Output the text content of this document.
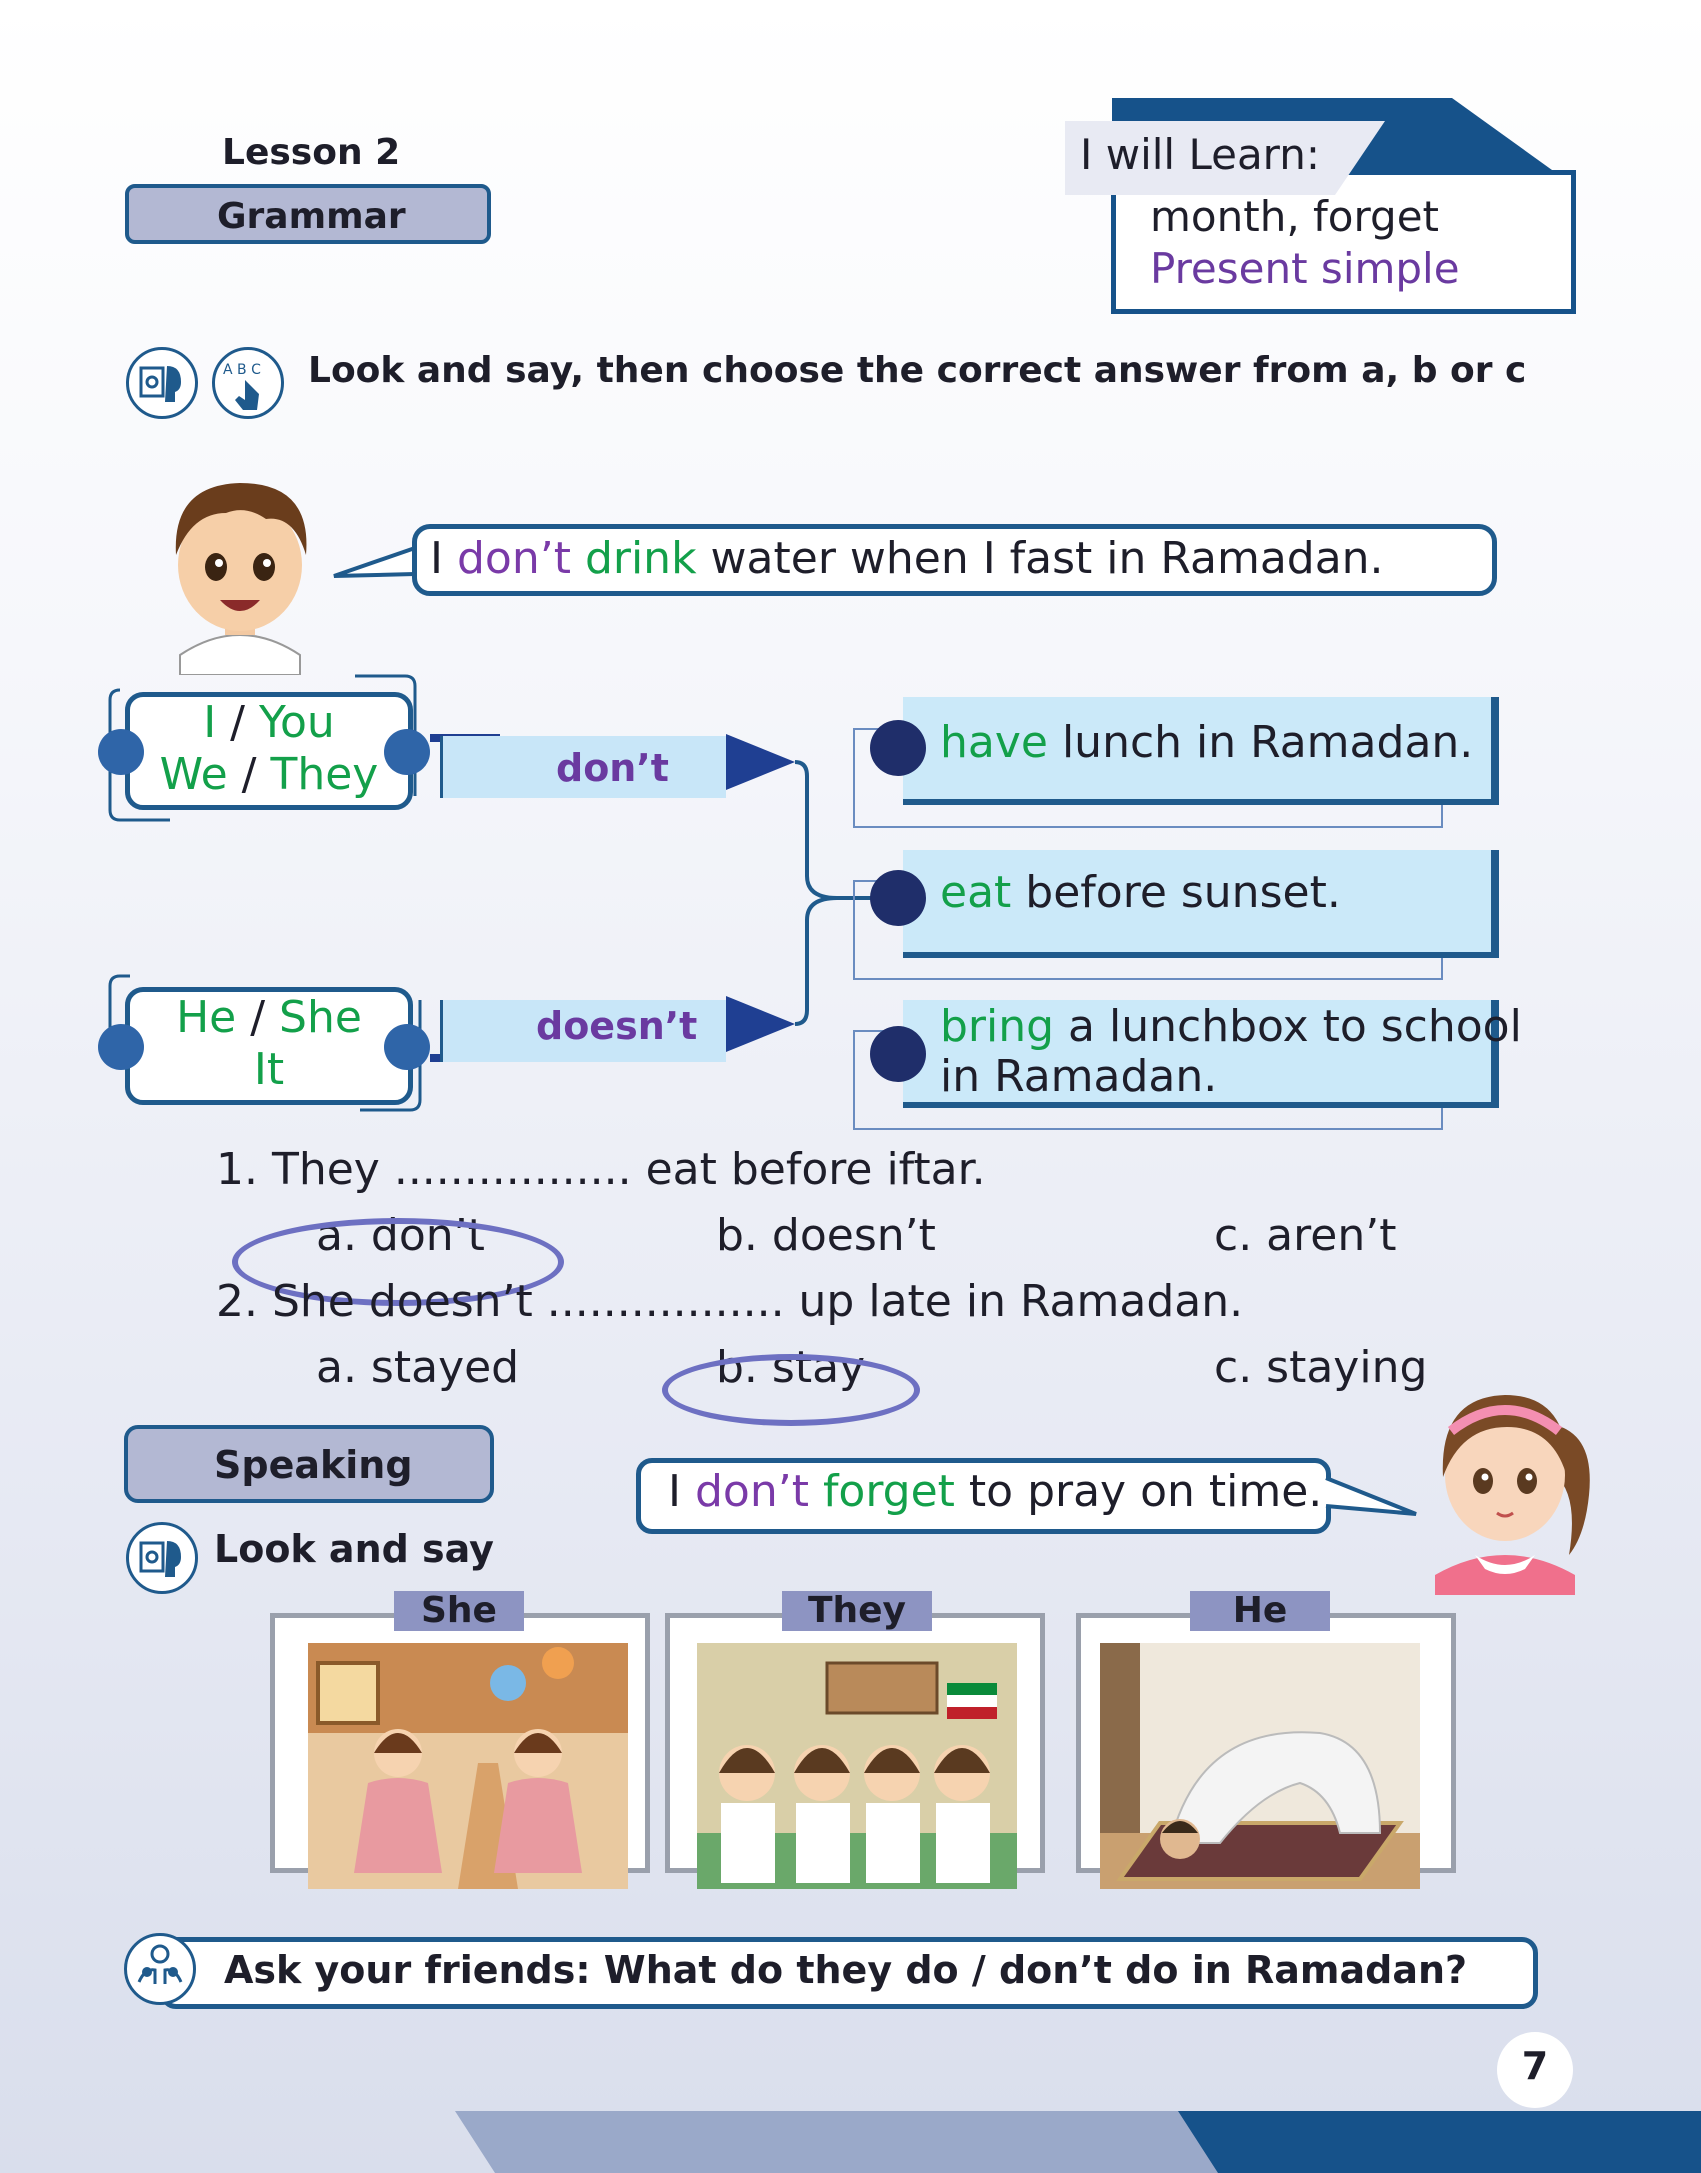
Lesson 2
Grammar
I will Learn:
month, forget
Present simple
A B C Look and say, then choose the correct answer from a, b or c
I don’t drink water when I fast in Ramadan.
I / You
We / They
He / She
It
don’t
doesn’t
have lunch in Ramadan.
eat before sunset.
bring a lunchbox to school
in Ramadan.
1. They ................. eat before iftar.
a. don’t	b. doesn’t	c. aren’t
2. She doesn’t ................. up late in Ramadan.
a. stayed	b. stay	c. staying
Speaking
Look and say
I don’t forget to pray on time.
She	They	He
Ask your friends: What do they do / don’t do in Ramadan?
7
